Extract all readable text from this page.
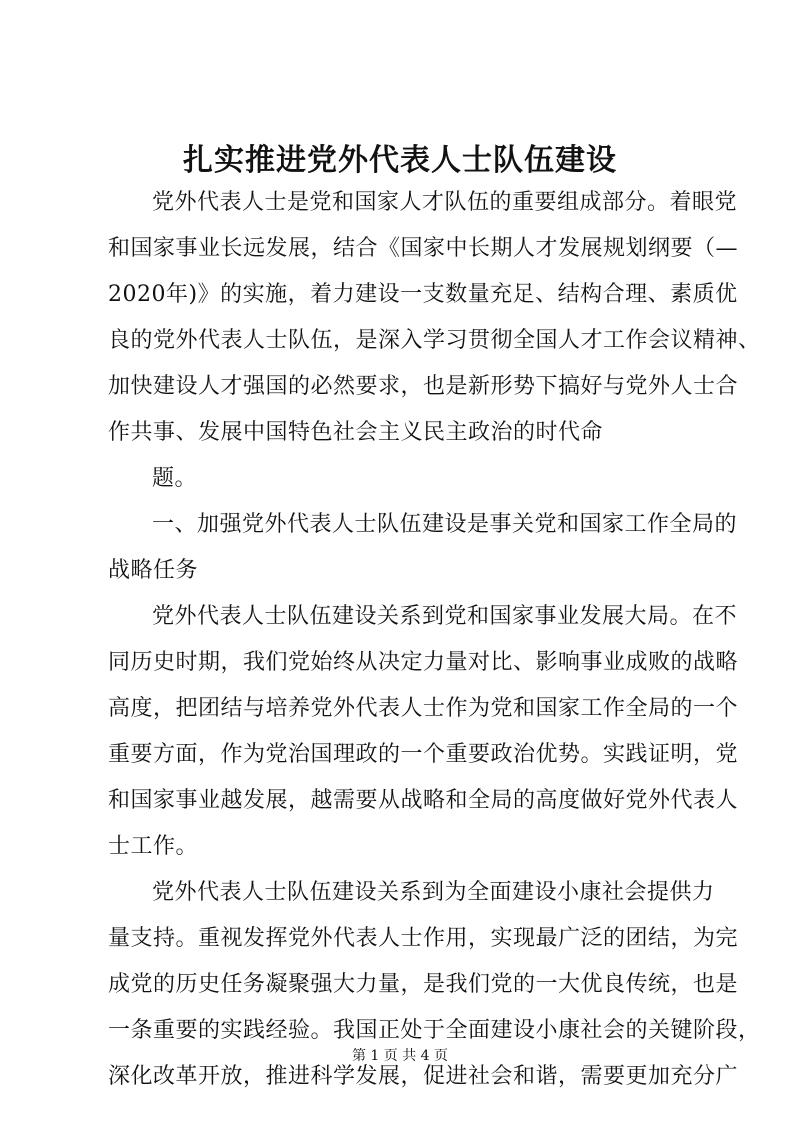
扎实推进党外代表人士队伍建设
党外代表人士是党和国家人才队伍的重要组成部分。着眼党
和国家事业长远发展，结合《国家中长期人才发展规划纲要（—
2020年)》的实施，着力建设一支数量充足、结构合理、素质优
良的党外代表人士队伍，是深入学习贯彻全国人才工作会议精神、
加快建设人才强国的必然要求，也是新形势下搞好与党外人士合
作共事、发展中国特色社会主义民主政治的时代命
题。
一、加强党外代表人士队伍建设是事关党和国家工作全局的
战略任务
党外代表人士队伍建设关系到党和国家事业发展大局。在不
同历史时期，我们党始终从决定力量对比、影响事业成败的战略
高度，把团结与培养党外代表人士作为党和国家工作全局的一个
重要方面，作为党治国理政的一个重要政治优势。实践证明，党
和国家事业越发展，越需要从战略和全局的高度做好党外代表人
士工作。
党外代表人士队伍建设关系到为全面建设小康社会提供力
量支持。重视发挥党外代表人士作用，实现最广泛的团结，为完
成党的历史任务凝聚强大力量，是我们党的一大优良传统，也是
一条重要的实践经验。我国正处于全面建设小康社会的关键阶段，
深化改革开放，推进科学发展，促进社会和谐，需要更加充分广
第 1 页 共 4 页
